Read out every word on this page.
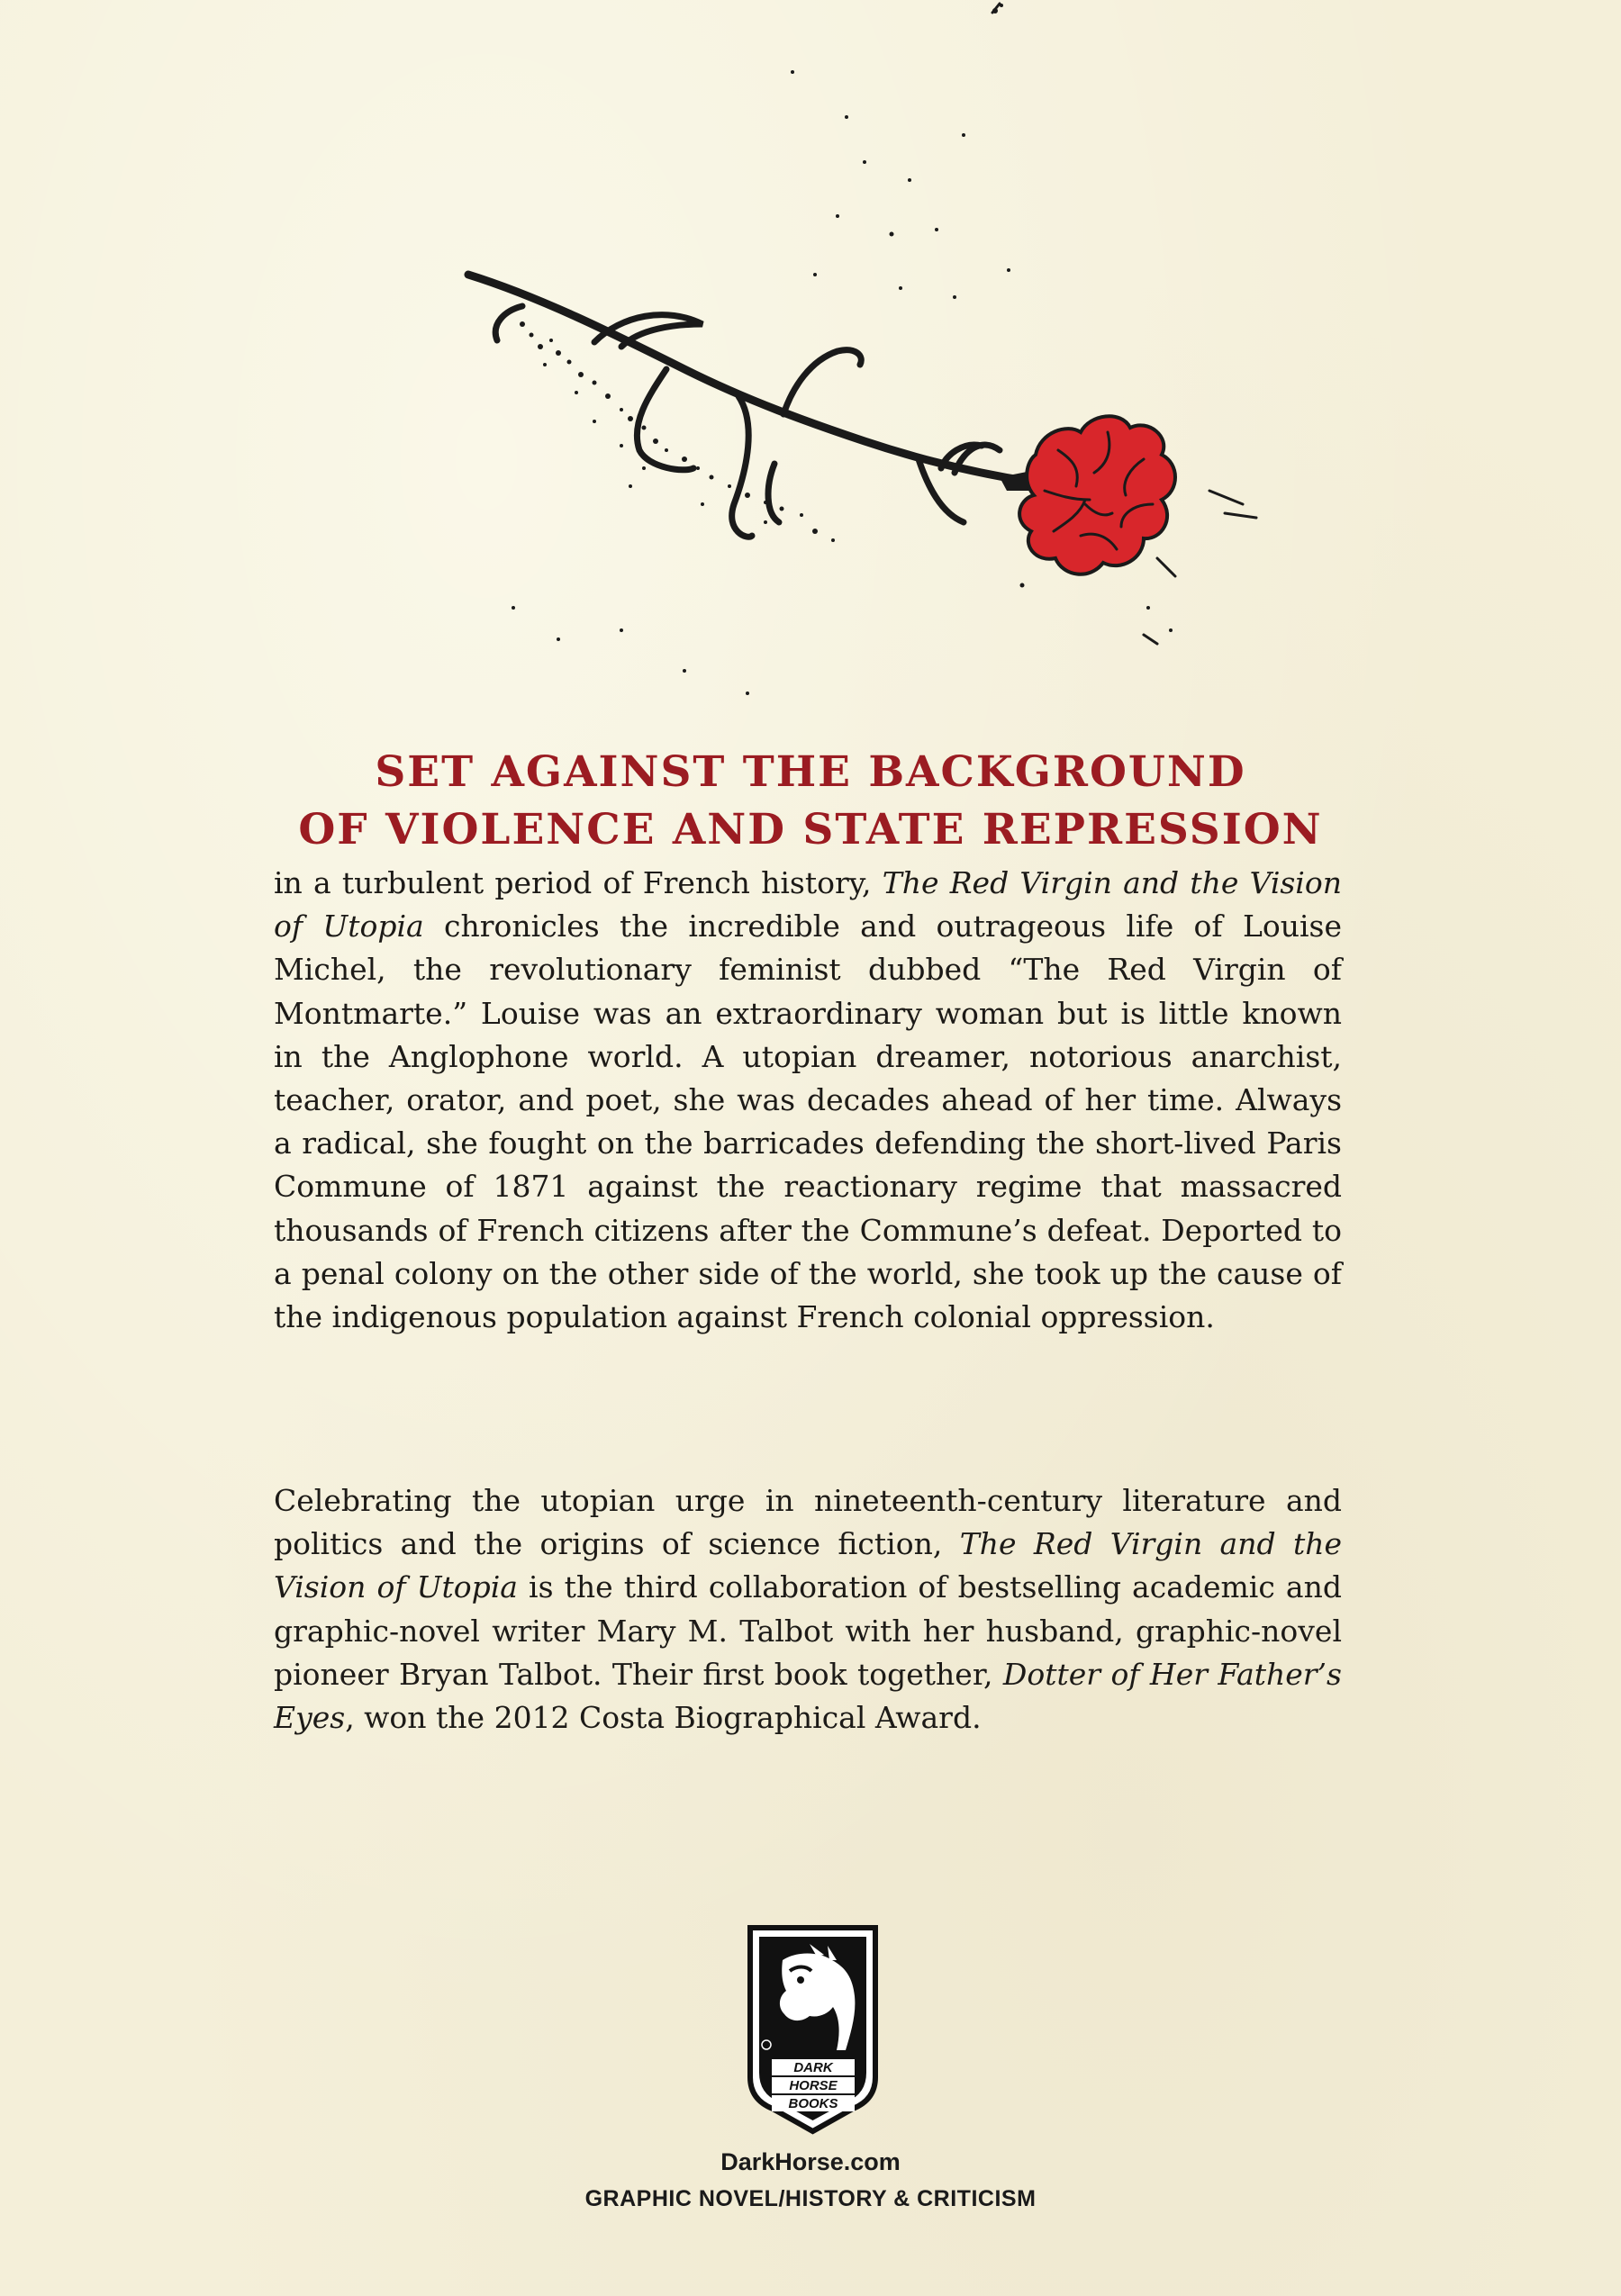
SET AGAINST THE BACKGROUND
OF VIOLENCE AND STATE REPRESSION
in a turbulent period of French history, The Red Virgin and the Vision of Utopia chronicles the incredible and outrageous life of Louise Michel, the revolutionary feminist dubbed “The Red Virgin of Montmarte.” Louise was an extraordinary woman but is little known in the Anglophone world. A utopian dreamer, notorious anarchist, teacher, orator, and poet, she was decades ahead of her time. Always a radical, she fought on the barricades defending the short-lived Paris Commune of 1871 against the reactionary regime that massacred thousands of French citizens after the Commune’s defeat. Deported to a penal colony on the other side of the world, she took up the cause of the indigenous population against French colonial oppression.
Celebrating the utopian urge in nineteenth-century literature and politics and the origins of science fiction, The Red Virgin and the Vision of Utopia is the third collaboration of bestselling academic and graphic-novel writer Mary M. Talbot with her husband, graphic-novel pioneer Bryan Talbot. Their first book together, Dotter of Her Father’s Eyes, won the 2012 Costa Biographical Award.
DARK
HORSE
BOOKS
DarkHorse.com
GRAPHIC NOVEL/HISTORY & CRITICISM
